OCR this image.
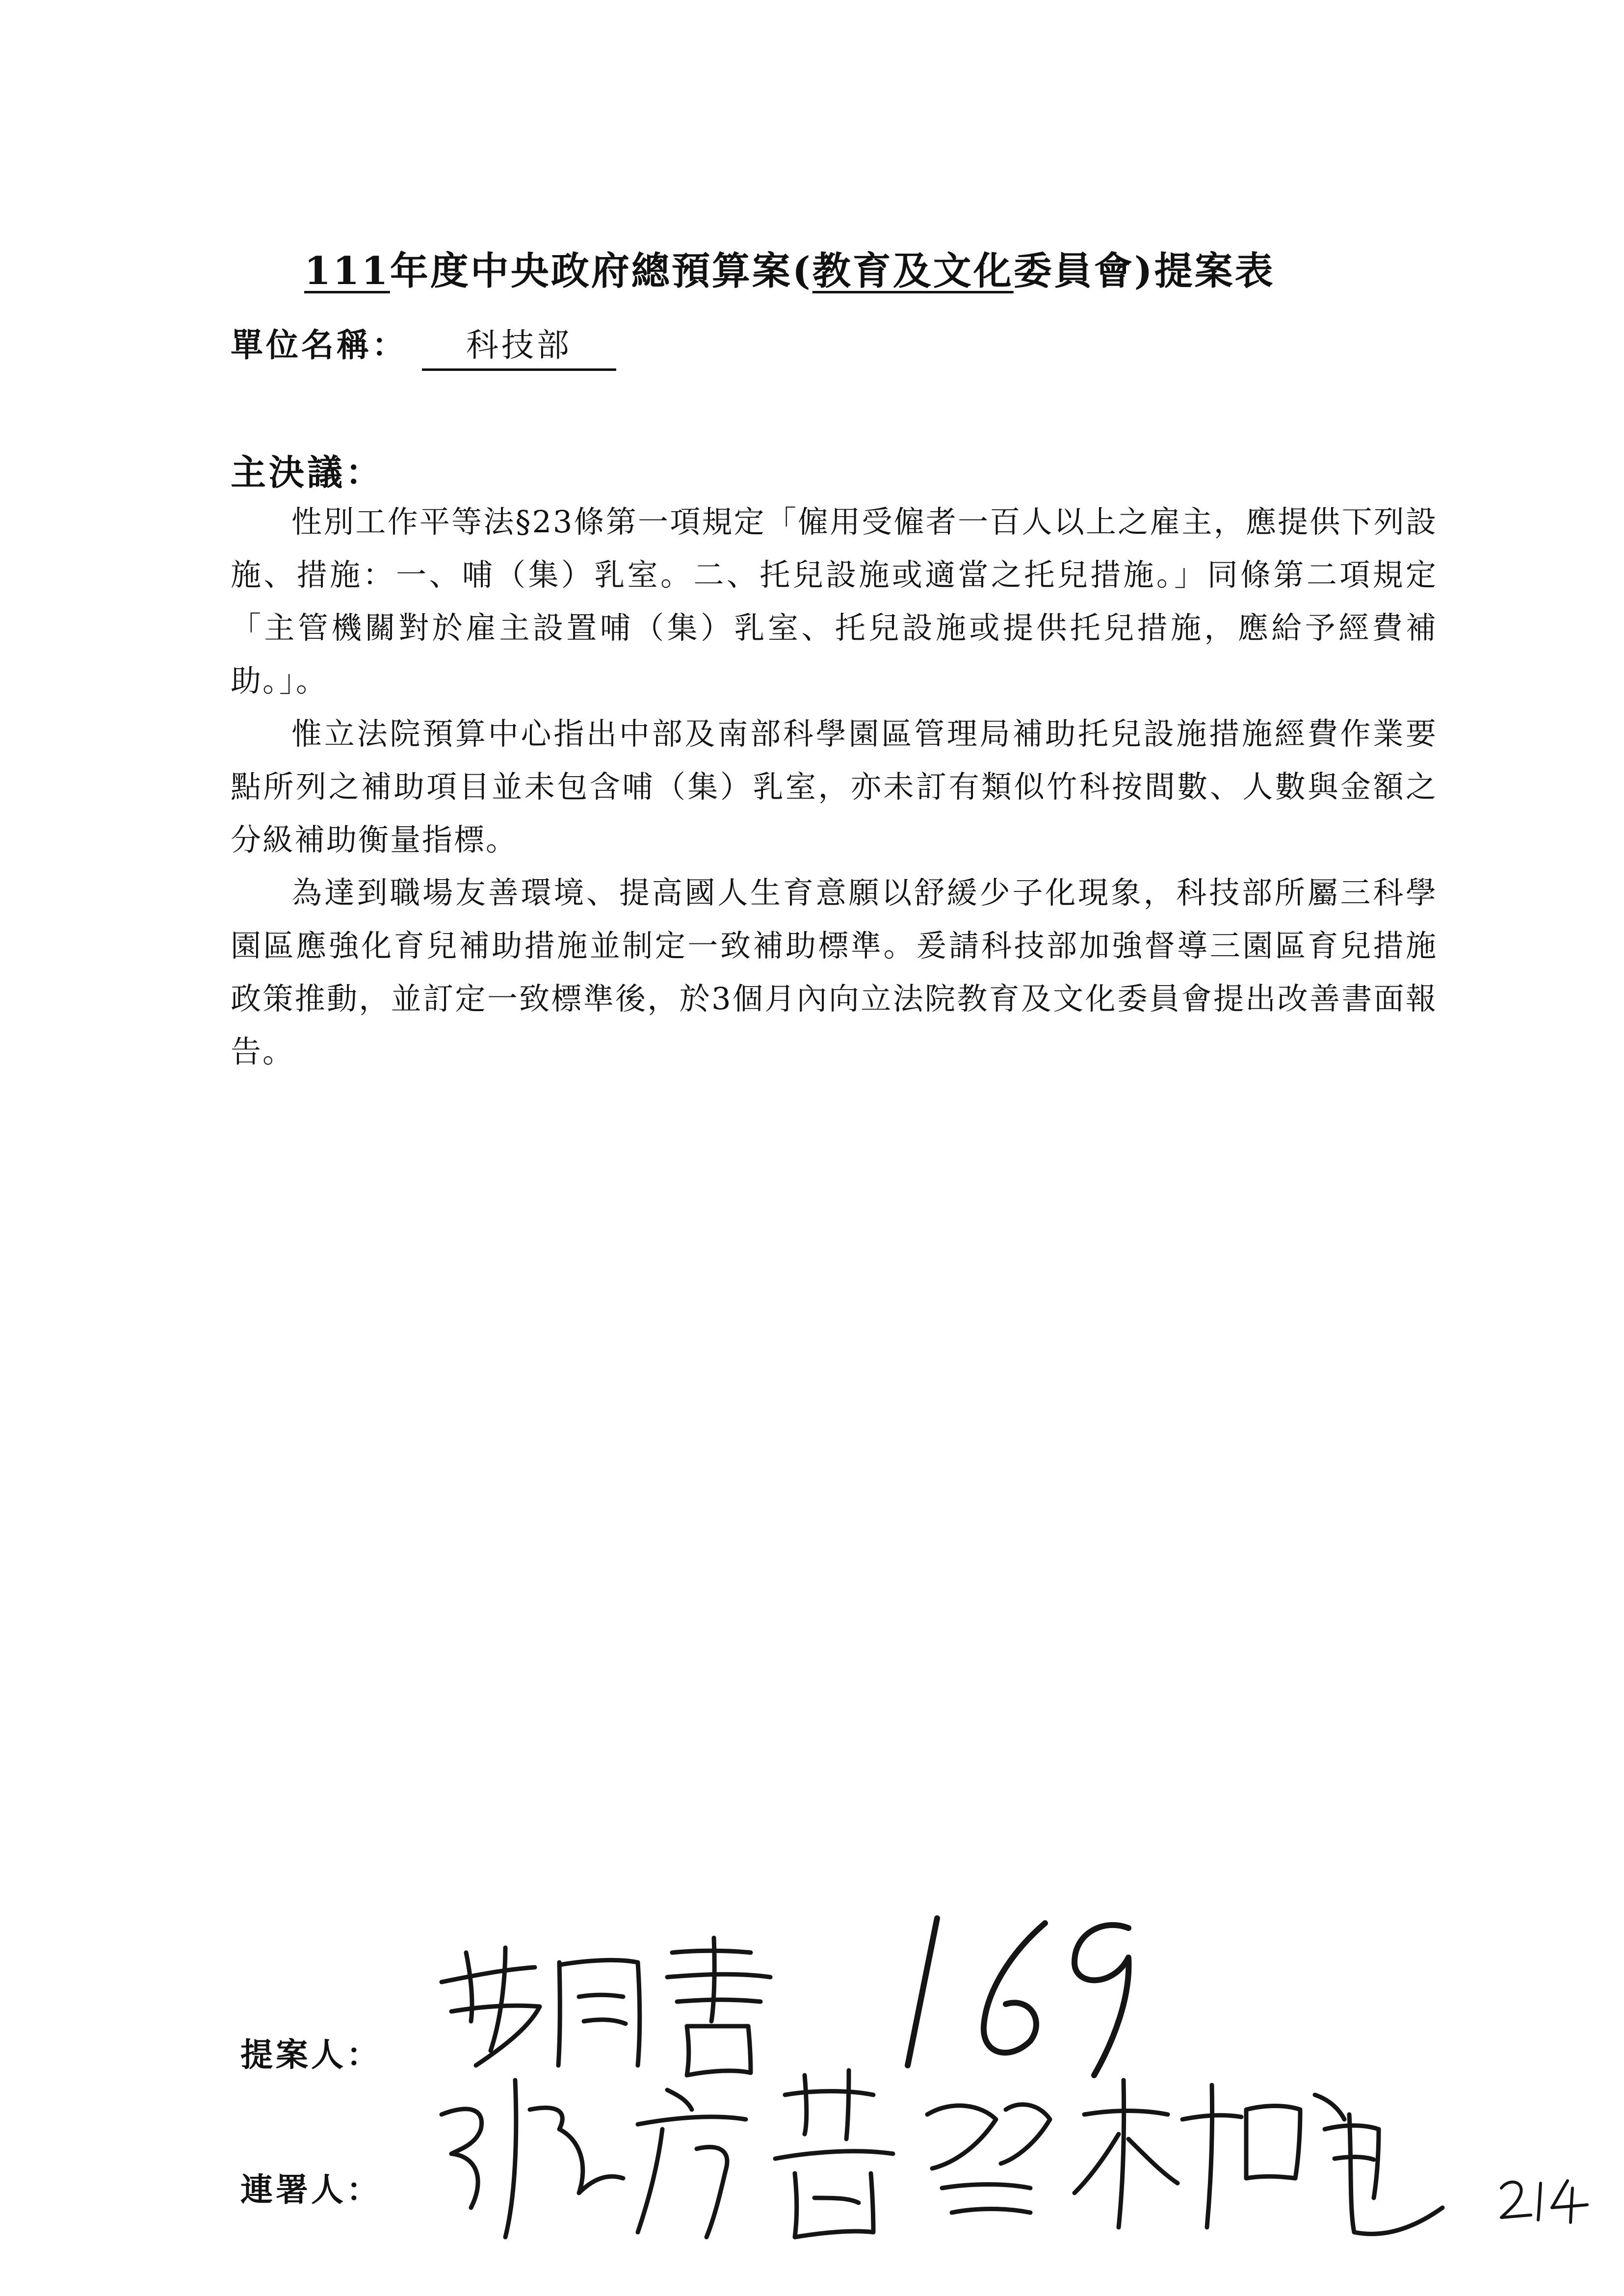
111年度中央政府總預算案(教育及文化委員會)提案表
單位名稱： 科技部
主決議：

性別工作平等法§23條第一項規定「僱用受僱者一百人以上之雇主，應提供下列設施、措施：一、哺（集）乳室。二、托兒設施或適當之托兒措施。」同條第二項規定「主管機關對於雇主設置哺（集）乳室、托兒設施或提供托兒措施，應給予經費補助。」。

惟立法院預算中心指出中部及南部科學園區管理局補助托兒設施措施經費作業要點所列之補助項目並未包含哺（集）乳室，亦未訂有類似竹科按間數、人數與金額之分級補助衡量指標。

為達到職場友善環境、提高國人生育意願以舒緩少子化現象，科技部所屬三科學園區應強化育兒補助措施並制定一致補助標準。爰請科技部加強督導三園區育兒措施政策推動，並訂定一致標準後，於3個月內向立法院教育及文化委員會提出改善書面報告。

提案人：
連署人：
